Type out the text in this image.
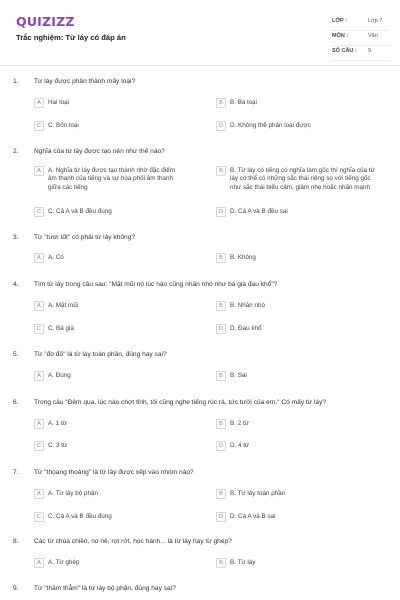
QUIZIZZ
Trắc nghiệm: Từ láy có đáp án
LỚP :	Lớp 7
MÔN :	Văn
SỐ CÂU : 9
1. Từ láy được phân thành mấy loại?
A	Hai loại	B	B. Ba loại
C	C. Bốn loại	D	D. Không thể phân loại được
2. Nghĩa của từ láy được tạo nên như thế nào?
A	A. Nghĩa từ láy được tạo thành nhờ đặc điểm âm thanh của tiếng và sự hòa phối âm thanh giữa các tiếng
B	B. Từ láy có tiếng có nghĩa làm gốc thì nghĩa của từ láy có thể có những sắc thái riêng so với tiếng gốc như sắc thái biểu cảm, giảm nhẹ hoặc nhấn mạnh
C	C. Cả A và B đều đúng	D	D. Cả A và B đều sai
3. Từ "tươi tốt" có phải từ láy không?
A	A. Có	B	B. Không
4. Tìm từ láy trong câu sau: "Mặt mũi nó lúc nào cũng nhăn nhó như bà già đau khổ"?
A	A. Mặt mũi	B	B. Nhăn nhó
C	C. Bà già	D	D. Đau khổ
5. Từ "đo đỏ" là từ láy toàn phần, đúng hay sai?
A	A. Đúng	B	B. Sai
6. Trong câu "Đêm qua, lúc nào chợt tỉnh, tôi cũng nghe tiếng rúc rả, tức tưởi của em." Có mấy từ láy?
A	A. 1 từ	B	B. 2 từ
C	C. 3 từ	D	D. 4 từ
7. Từ "thoang thoảng" là từ láy được xếp vào nhóm nào?
A	A. Từ láy bộ phận	B	B. Từ láy toàn phần
C	C. Cả A và B đều đúng	D	D. Cả A và B sai
8. Các từ chùa chiền, no nê, rơi rớt, học hành... là từ láy hay từ ghép?
A	A. Từ ghép	B	B. Từ láy
9. Từ "thăm thẳm" là từ láy bộ phận, đúng hay sai?
